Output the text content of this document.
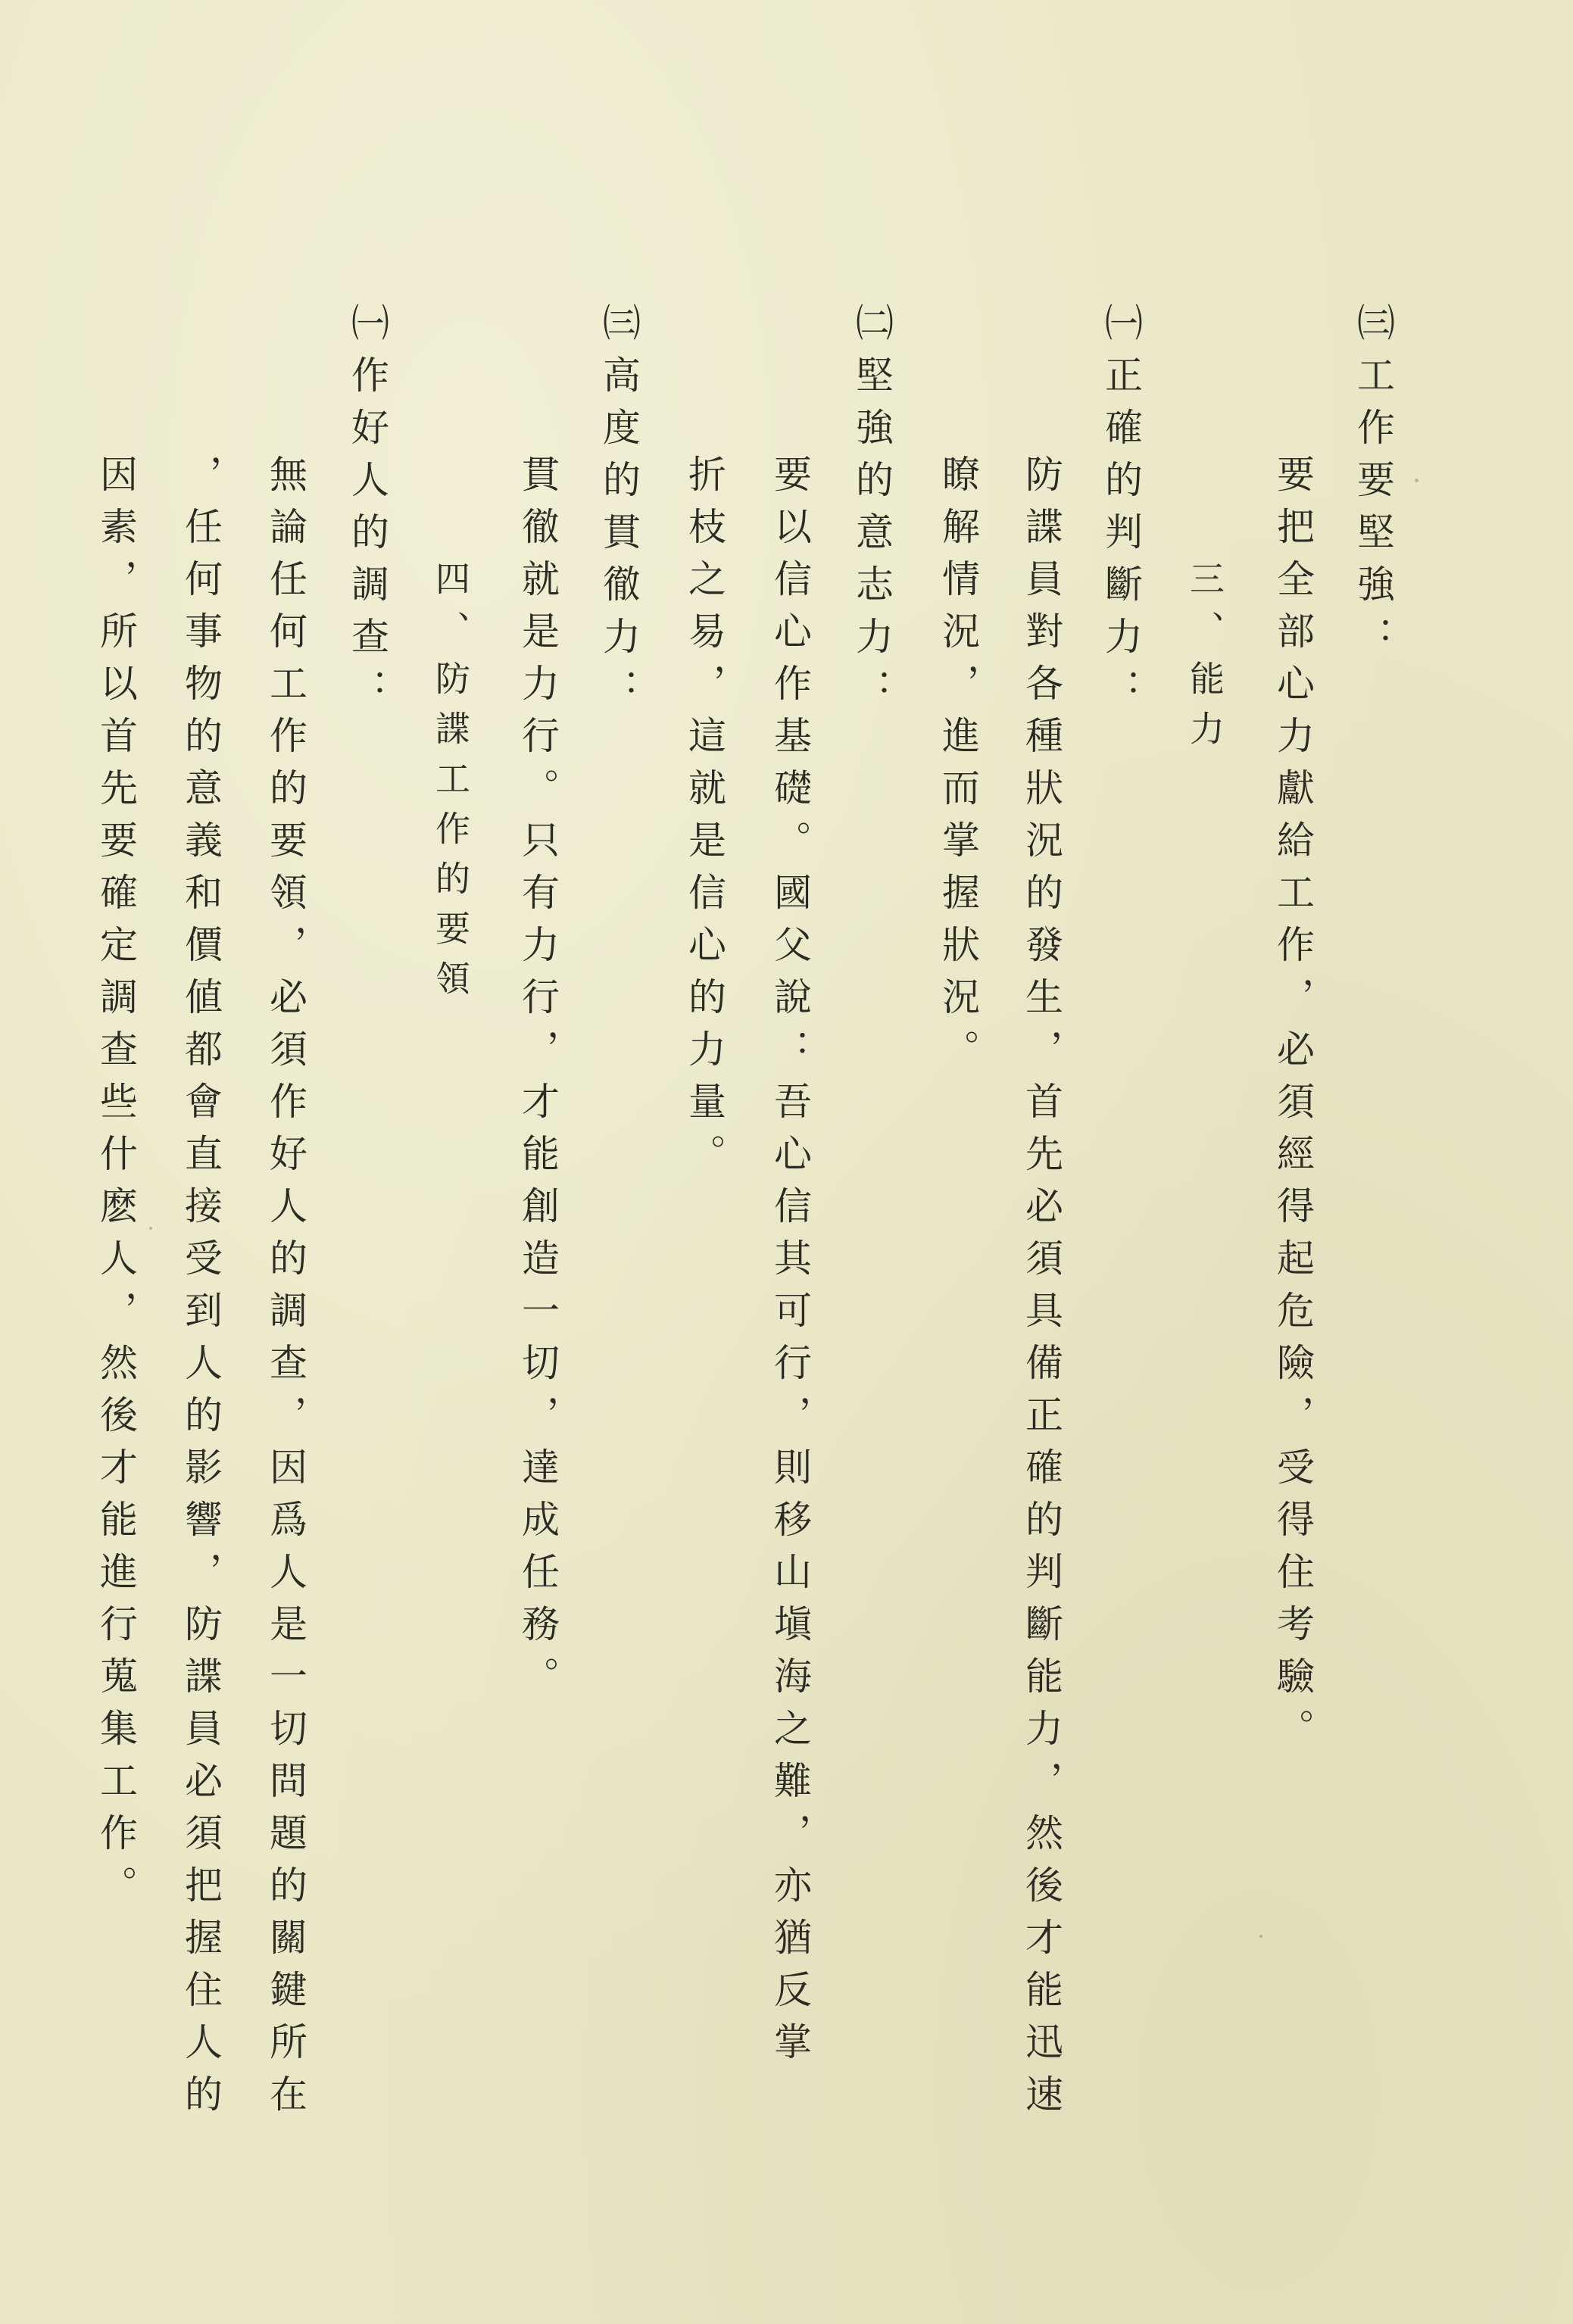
㈢工作要堅強：
要把全部心力獻給工作，必須經得起危險，受得住考驗。
三、能力
㈠正確的判斷力：
防諜員對各種狀況的發生，首先必須具備正確的判斷能力，然後才能迅速
瞭解情況，進而掌握狀況。
㈡堅強的意志力：
要以信心作基礎。國父說：吾心信其可行，則移山塡海之難，亦猶反掌
折枝之易，這就是信心的力量。
㈢高度的貫徹力：
貫徹就是力行。只有力行，才能創造一切，達成任務。
四、防諜工作的要領
㈠作好人的調查：
無論任何工作的要領，必須作好人的調查，因爲人是一切問題的關鍵所在
，任何事物的意義和價値都會直接受到人的影響，防諜員必須把握住人的
因素，所以首先要確定調查些什麽人，然後才能進行蒐集工作。
